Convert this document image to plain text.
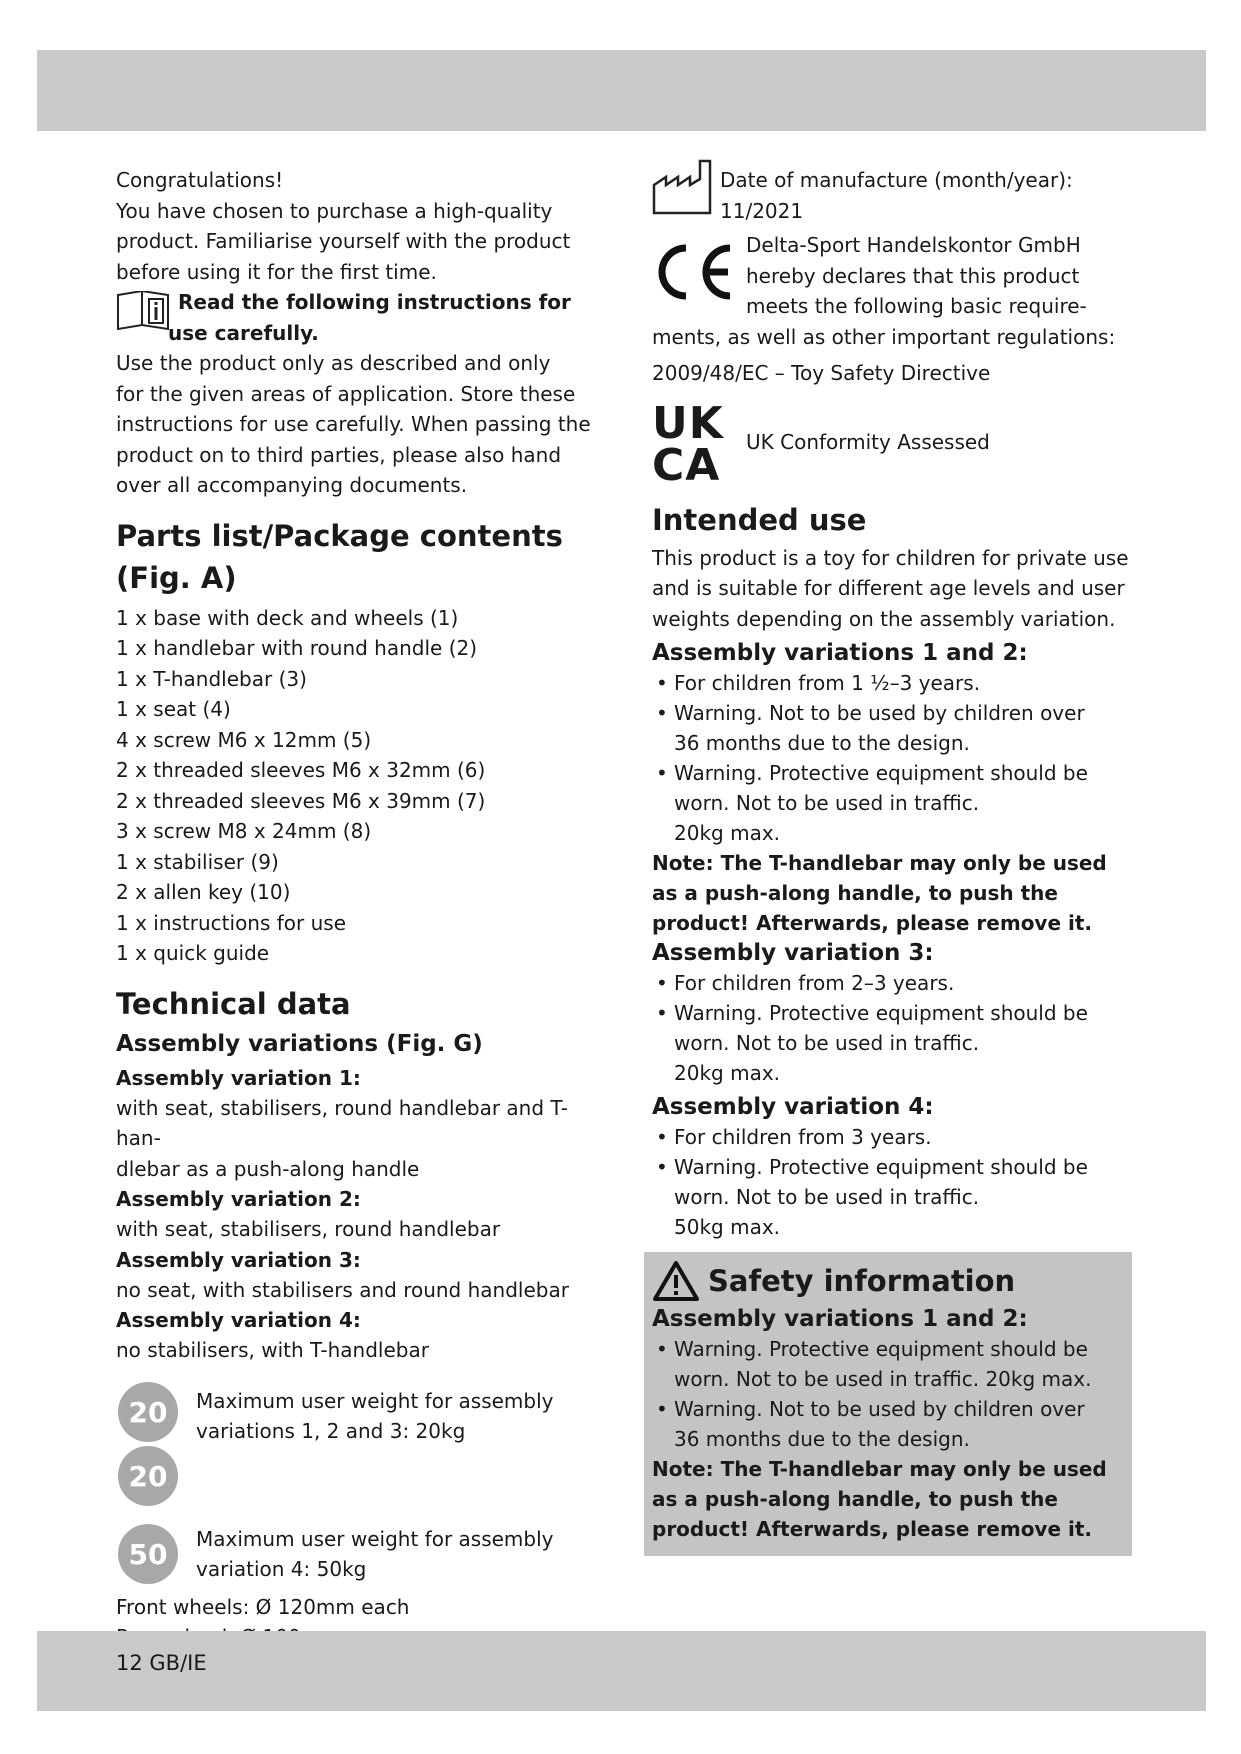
Congratulations!
You have chosen to purchase a high-quality
product. Familiarise yourself with the product
before using it for the first time.
Read the following instructions for
use carefully.
Use the product only as described and only
for the given areas of application. Store these
instructions for use carefully. When passing the
product on to third parties, please also hand
over all accompanying documents.
Parts list/Package contents
(Fig. A)
1 x base with deck and wheels (1)
1 x handlebar with round handle (2)
1 x T-handlebar (3)
1 x seat (4)
4 x screw M6 x 12mm (5)
2 x threaded sleeves M6 x 32mm (6)
2 x threaded sleeves M6 x 39mm (7)
3 x screw M8 x 24mm (8)
1 x stabiliser (9)
2 x allen key (10)
1 x instructions for use
1 x quick guide
Technical data
Assembly variations (Fig. G)
Assembly variation 1:
with seat, stabilisers, round handlebar and T-han-
dlebar as a push-along handle
Assembly variation 2:
with seat, stabilisers, round handlebar
Assembly variation 3:
no seat, with stabilisers and round handlebar
Assembly variation 4:
no stabilisers, with T-handlebar
20

20
Maximum user weight for assembly
variations 1, 2 and 3: 20kg
50 Maximum user weight for assembly
variation 4: 50kg
Front wheels: Ø 120mm each
Date of manufacture (month/year):
11/2021
Delta-Sport Handelskontor GmbH
hereby declares that this product
meets the following basic require-
ments, as well as other important regulations:
2009/48/EC – Toy Safety Directive
UK
CA	UK Conformity Assessed
Intended use
This product is a toy for children for private use
and is suitable for different age levels and user
weights depending on the assembly variation.
Assembly variations 1 and 2:
• For children from 1 ½–3 years.
• Warning. Not to be used by children over
36 months due to the design.
• Warning. Protective equipment should be
worn. Not to be used in traffic.
20kg max.
Note: The T-handlebar may only be used
as a push-along handle, to push the
product! Afterwards, please remove it.
Assembly variation 3:
• For children from 2–3 years.
• Warning. Protective equipment should be
worn. Not to be used in traffic.
20kg max.
Assembly variation 4:
• For children from 3 years.
• Warning. Protective equipment should be
worn. Not to be used in traffic.
50kg max.
Safety information
Assembly variations 1 and 2:
• Warning. Protective equipment should be
worn. Not to be used in traffic. 20kg max.
• Warning. Not to be used by children over
36 months due to the design.
Note: The T-handlebar may only be used
as a push-along handle, to push the
product! Afterwards, please remove it.
12 GB/IE
